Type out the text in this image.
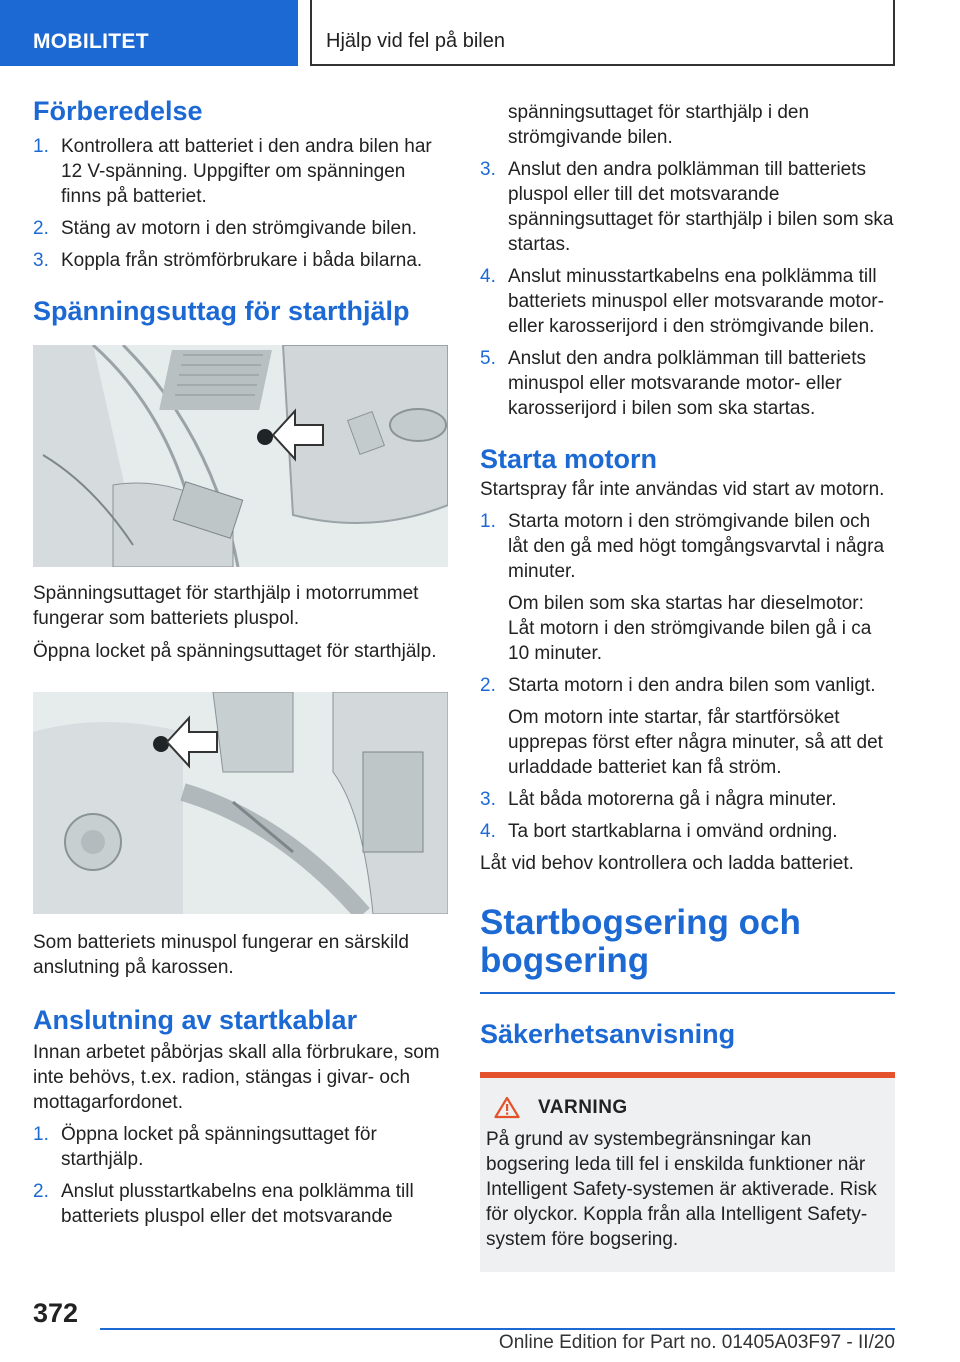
MOBILITET	Hjälp vid fel på bilen
Förberedelse
1. Kontrollera att batteriet i den andra bilen har 12 V-spänning. Uppgifter om spänningen finns på batteriet.
2. Stäng av motorn i den strömgivande bilen.
3. Koppla från strömförbrukare i båda bilarna.
Spänningsuttag för starthjälp

Spänningsuttaget för starthjälp i motorrummet fungerar som batteriets pluspol.

Öppna locket på spänningsuttaget för starthjälp.

Som batteriets minuspol fungerar en särskild anslutning på karossen.

Anslutning av startkablar

Innan arbetet påbörjas skall alla förbrukare, som inte behövs, t.ex. radion, stängas i givar- och mottagarfordonet.

1. Öppna locket på spänningsuttaget för starthjälp.
2. Anslut plusstartkabelns ena polklämma till batteriets pluspol eller det motsvarande

spänningsuttaget för starthjälp i den strömgivande bilen.

3. Anslut den andra polklämman till batteriets pluspol eller till det motsvarande spänningsuttaget för starthjälp i bilen som ska startas.
4. Anslut minusstartkabelns ena polklämma till batteriets minuspol eller motsvarande motor- eller karosserijord i den strömgivande bilen.
5. Anslut den andra polklämman till batteriets minuspol eller motsvarande motor- eller karosserijord i bilen som ska startas.
Starta motorn

Startspray får inte användas vid start av motorn.

1. Starta motorn i den strömgivande bilen och låt den gå med högt tomgångsvarvtal i några minuter.
Om bilen som ska startas har dieselmotor: Låt motorn i den strömgivande bilen gå i ca 10 minuter.
2. Starta motorn i den andra bilen som vanligt.
Om motorn inte startar, får startförsöket upprepas först efter några minuter, så att det urladdade batteriet kan få ström.
3. Låt båda motorerna gå i några minuter.
4. Ta bort startkablarna i omvänd ordning.

Låt vid behov kontrollera och ladda batteriet.

Startbogsering och bogsering
Säkerhetsanvisning
VARNING

På grund av systembegränsningar kan bogsering leda till fel i enskilda funktioner när Intelligent Safety-systemen är aktiverade. Risk för olyckor. Koppla från alla Intelligent Safety-system före bogsering.

372
Online Edition for Part no. 01405A03F97 - II/20
